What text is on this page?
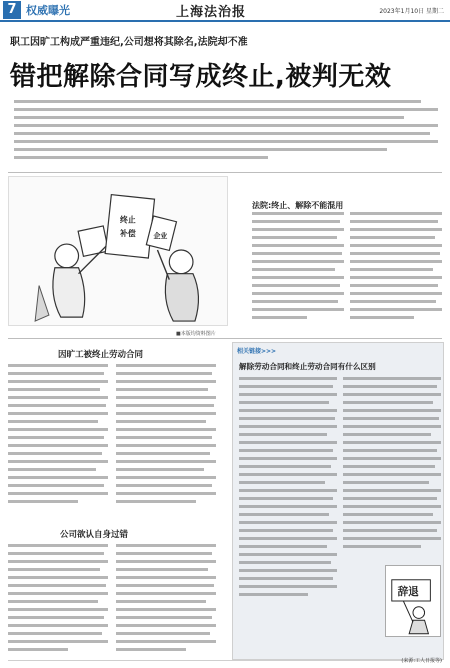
7 权威曝光	上海法治报	2023年1月10日 星期二
职工因旷工构成严重违纪,公司想将其除名,法院却不准
错把解除合同写成终止,被判无效
终止
补偿	企业
■本版均资料图片
法院:终止、解除不能混用
因旷工被终止劳动合同
公司欲认自身过错
相关链接>>>
解除劳动合同和终止劳动合同有什么区别
辞退
(来源:工人日报等)
